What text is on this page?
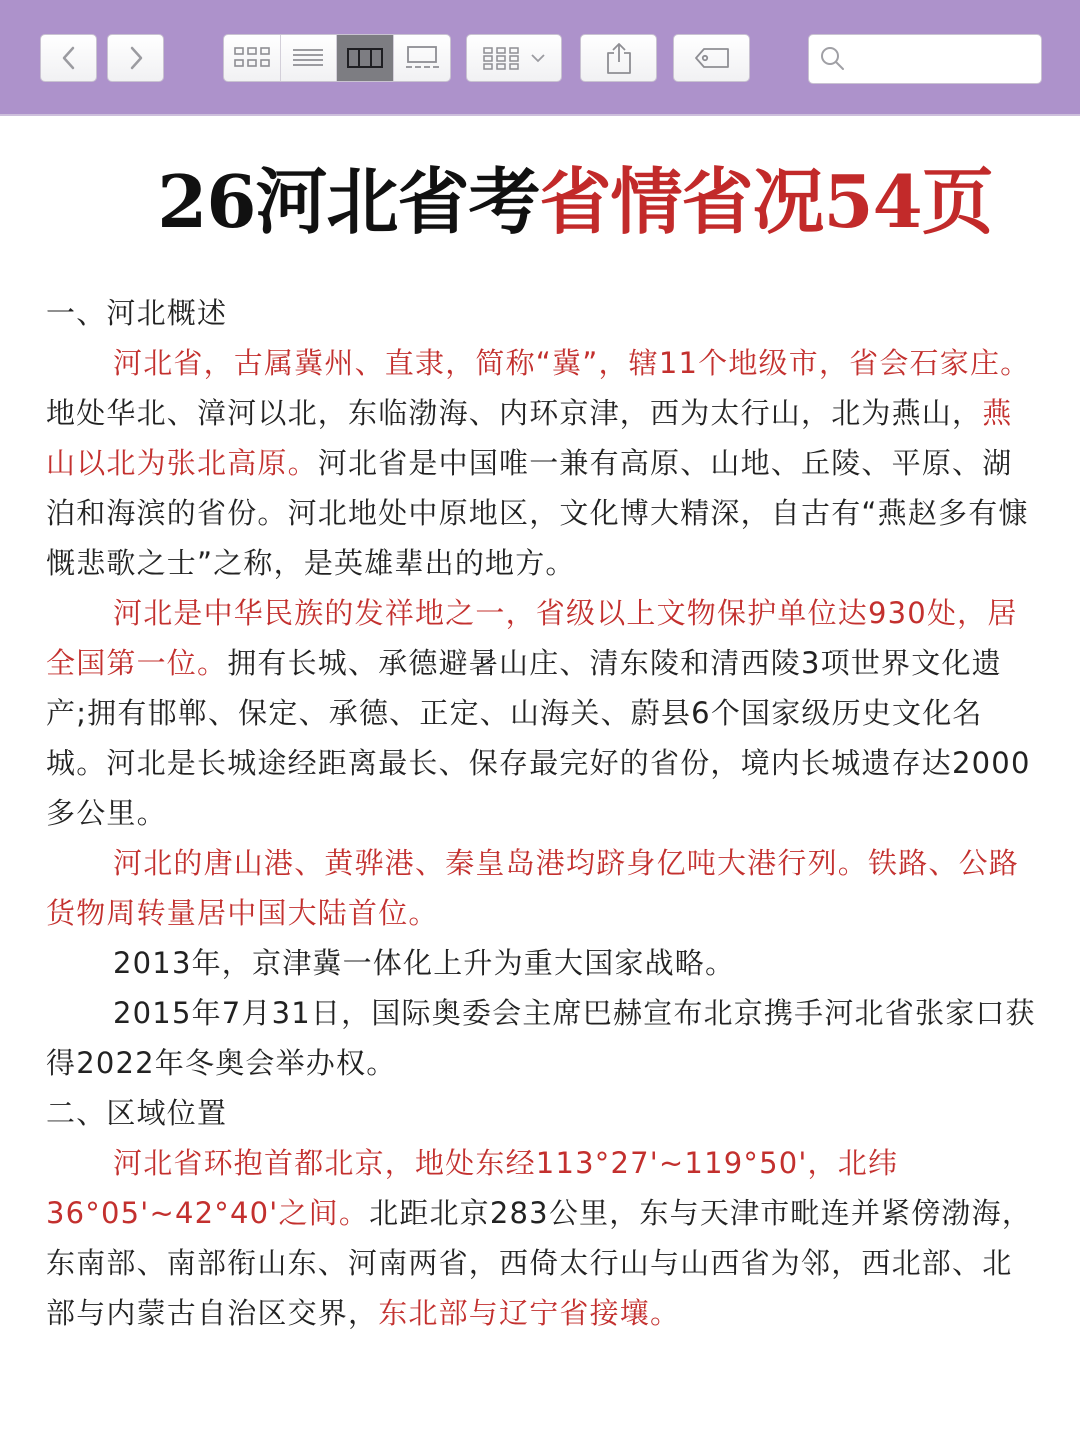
26河北省考省情省况54页

一、河北概述

河北省，古属冀州、直隶，简称“冀”，辖11个地级市，省会石家庄。地处华北、漳河以北，东临渤海、内环京津，西为太行山，北为燕山，燕山以北为张北高原。河北省是中国唯一兼有高原、山地、丘陵、平原、湖泊和海滨的省份。河北地处中原地区，文化博大精深，自古有“燕赵多有慷慨悲歌之士”之称，是英雄辈出的地方。

河北是中华民族的发祥地之一，省级以上文物保护单位达930处，居全国第一位。拥有长城、承德避暑山庄、清东陵和清西陵3项世界文化遗产;拥有邯郸、保定、承德、正定、山海关、蔚县6个国家级历史文化名城。河北是长城途经距离最长、保存最完好的省份，境内长城遗存达2000多公里。

河北的唐山港、黄骅港、秦皇岛港均跻身亿吨大港行列。铁路、公路货物周转量居中国大陆首位。

2013年，京津冀一体化上升为重大国家战略。

2015年7月31日，国际奥委会主席巴赫宣布北京携手河北省张家口获得2022年冬奥会举办权。

二、区域位置

河北省环抱首都北京，地处东经113°27'~119°50'，北纬36°05'~42°40'之间。北距北京283公里，东与天津市毗连并紧傍渤海，东南部、南部衔山东、河南两省，西倚太行山与山西省为邻，西北部、北部与内蒙古自治区交界，东北部与辽宁省接壤。
